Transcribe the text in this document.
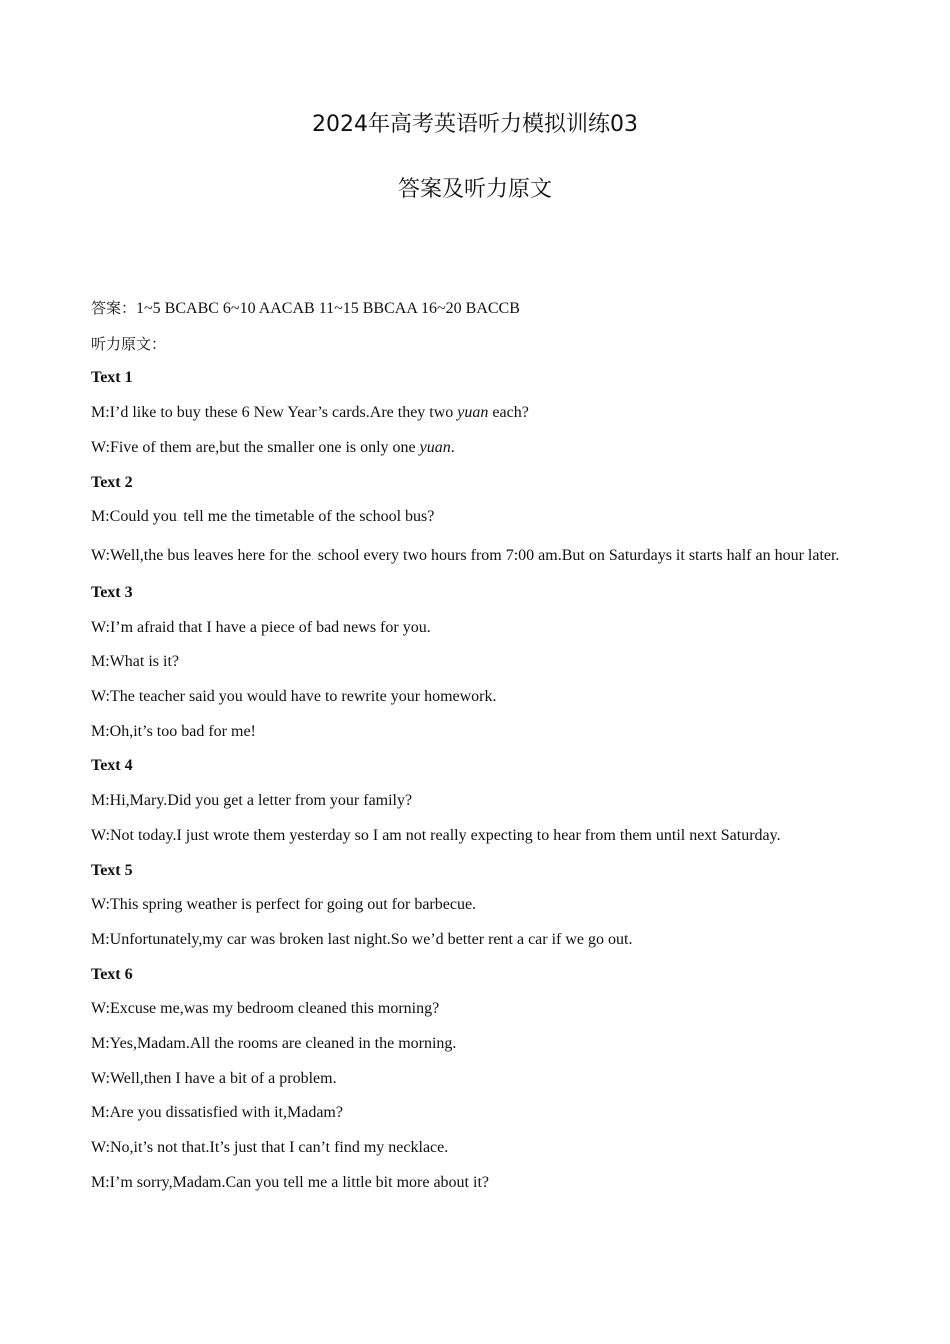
2024年高考英语听力模拟训练03
答案及听力原文
答案：1~5 BCABC 6~10 AACAB 11~15 BBCAA 16~20 BACCB
听力原文：
Text 1
M:I’d like to buy these 6 New Year’s cards.Are they two yuan each?
W:Five of them are,but the smaller one is only one yuan.
Text 2
M:Could you. tell me the timetable of the school bus?
W:Well,the bus leaves here for the. school every two hours from 7:00 am.But on Saturdays it starts half an hour later.
Text 3
W:I’m afraid that I have a piece of bad news for you.
M:What is it?
W:The teacher said you would have to rewrite your homework.
M:Oh,it’s too bad for me!
Text 4
M:Hi,Mary.Did you get a letter from your family?
W:Not today.I just wrote them yesterday so I am not really expecting to hear from them until next Saturday.
Text 5
W:This spring weather is perfect for going out for barbecue.
M:Unfortunately,my car was broken last night.So we’d better rent a car if we go out.
Text 6
W:Excuse me,was my bedroom cleaned this morning?
M:Yes,Madam.All the rooms are cleaned in the morning.
W:Well,then I have a bit of a problem.
M:Are you dissatisfied with it,Madam?
W:No,it’s not that.It’s just that I can’t find my necklace.
M:I’m sorry,Madam.Can you tell me a little bit more about it?
